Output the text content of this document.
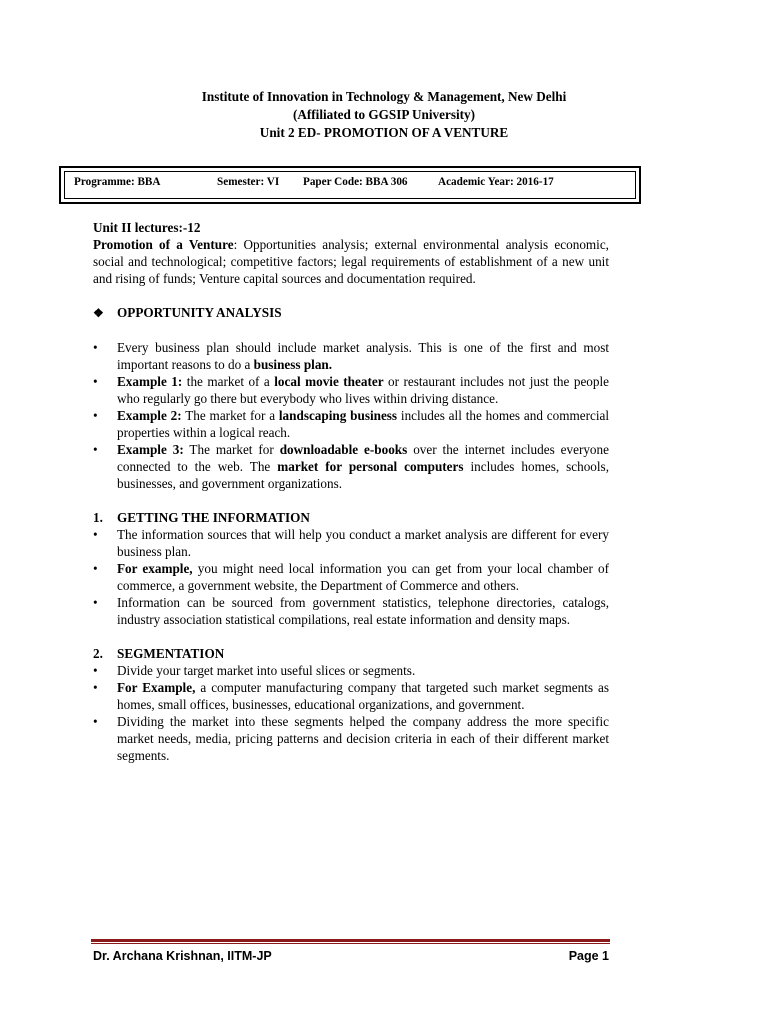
Institute of Innovation in Technology & Management, New Delhi
(Affiliated to GGSIP University)
Unit 2 ED- PROMOTION OF A VENTURE
Programme: BBA	Semester: VI Paper Code: BBA 306	Academic Year: 2016-17

Unit II lectures:-12

Promotion of a Venture: Opportunities analysis; external environmental analysis economic, social and technological; competitive factors; legal requirements of establishment of a new unit and rising of funds; Venture capital sources and documentation required.

❖	OPPORTUNITY ANALYSIS
•	Every business plan should include market analysis. This is one of the first and most important reasons to do a business plan.
•	Example 1: the market of a local movie theater or restaurant includes not just the people who regularly go there but everybody who lives within driving distance.
•	Example 2: The market for a landscaping business includes all the homes and commercial properties within a logical reach.
•	Example 3: The market for downloadable e-books over the internet includes everyone connected to the web. The market for personal computers includes homes, schools, businesses, and government organizations.
1.	GETTING THE INFORMATION
•	The information sources that will help you conduct a market analysis are different for every business plan.
•	For example, you might need local information you can get from your local chamber of commerce, a government website, the Department of Commerce and others.
•	Information can be sourced from government statistics, telephone directories, catalogs, industry association statistical compilations, real estate information and density maps.
2.	SEGMENTATION
•	Divide your target market into useful slices or segments.
•	For Example, a computer manufacturing company that targeted such market segments as homes, small offices, businesses, educational organizations, and government.
•	Dividing the market into these segments helped the company address the more specific market needs, media, pricing patterns and decision criteria in each of their different market segments.
Dr. Archana Krishnan, IITM-JP	Page 1
